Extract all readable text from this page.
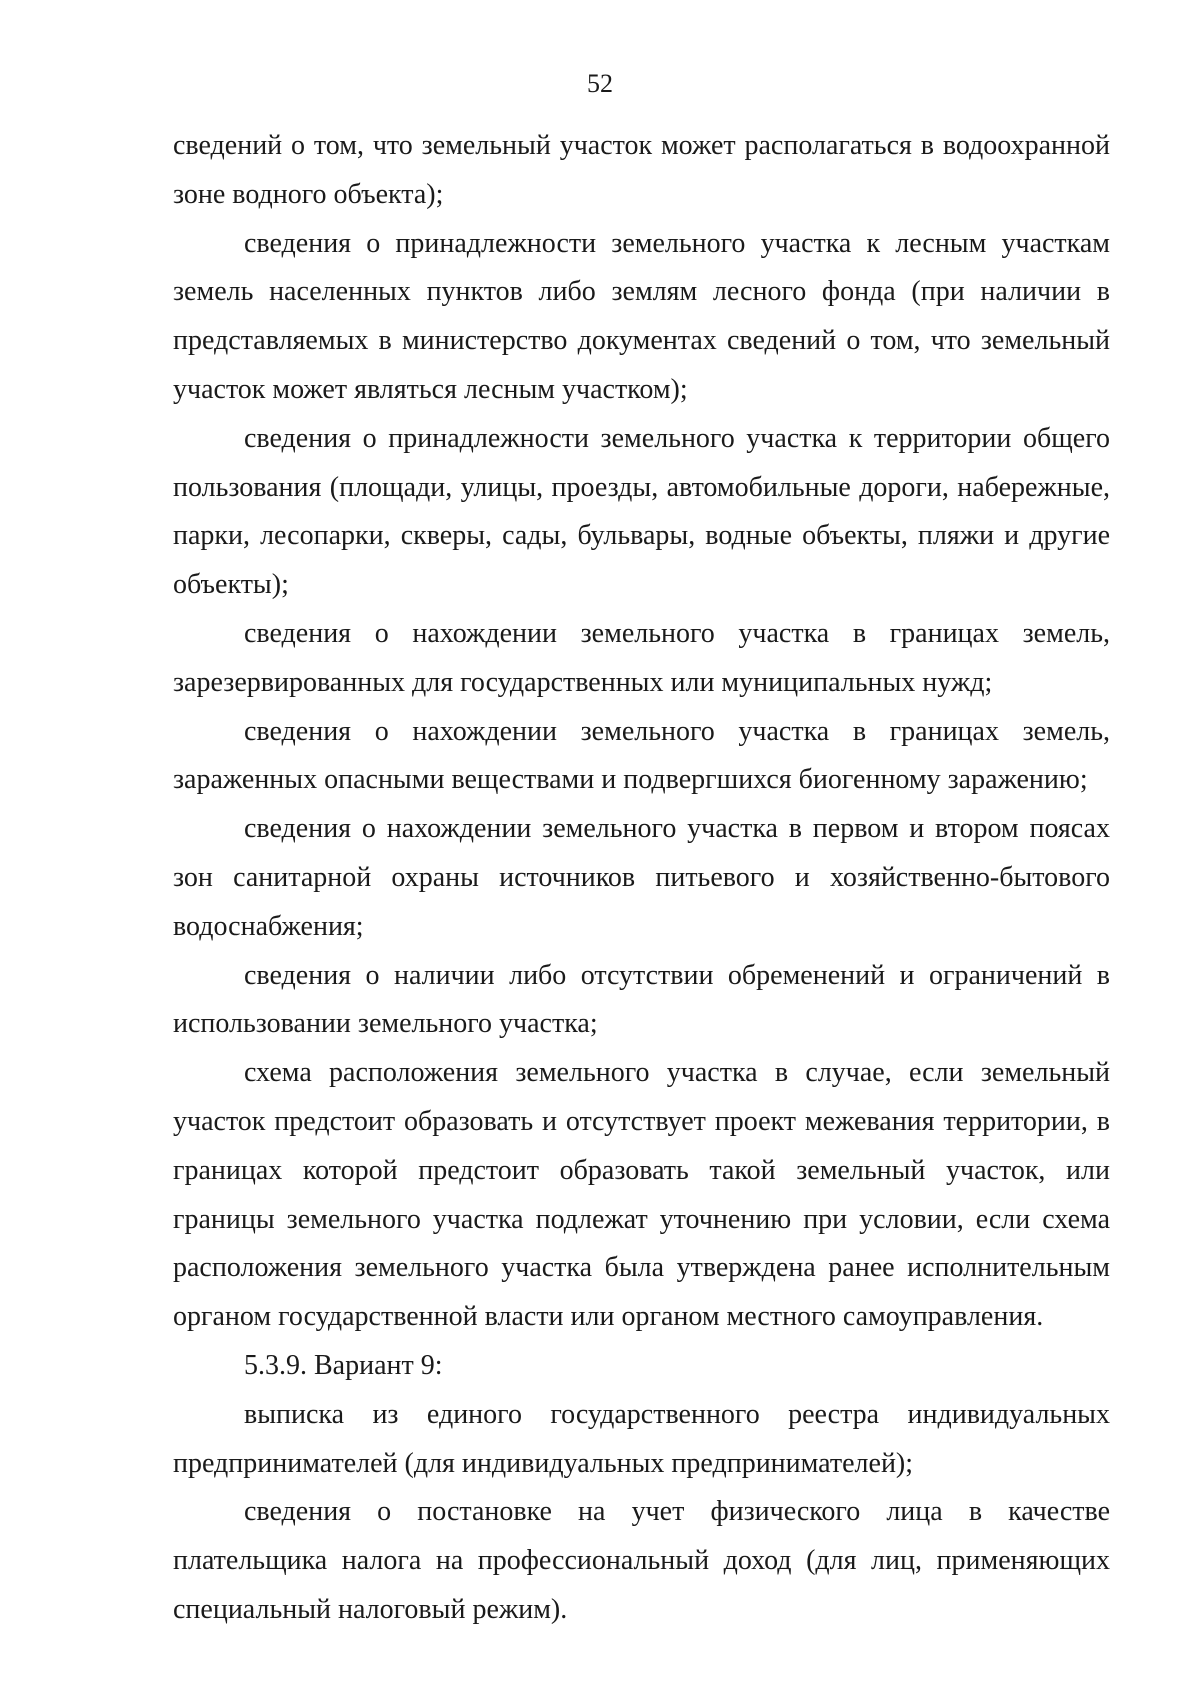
52

сведений о том, что земельный участок может располагаться в водоохранной зоне водного объекта);

сведения о принадлежности земельного участка к лесным участкам земель населенных пунктов либо землям лесного фонда (при наличии в представляемых в министерство документах сведений о том, что земельный участок может являться лесным участком);

сведения о принадлежности земельного участка к территории общего пользования (площади, улицы, проезды, автомобильные дороги, набережные, парки, лесопарки, скверы, сады, бульвары, водные объекты, пляжи и другие объекты);

сведения о нахождении земельного участка в границах земель, зарезервированных для государственных или муниципальных нужд;

сведения о нахождении земельного участка в границах земель, зараженных опасными веществами и подвергшихся биогенному заражению;

сведения о нахождении земельного участка в первом и втором поясах зон санитарной охраны источников питьевого и хозяйственно-бытового водоснабжения;

сведения о наличии либо отсутствии обременений и ограничений в использовании земельного участка;

схема расположения земельного участка в случае, если земельный участок предстоит образовать и отсутствует проект межевания территории, в границах которой предстоит образовать такой земельный участок, или границы земельного участка подлежат уточнению при условии, если схема расположения земельного участка была утверждена ранее исполнительным органом государственной власти или органом местного самоуправления.

5.3.9. Вариант 9:

выписка из единого государственного реестра индивидуальных предпринимателей (для индивидуальных предпринимателей);

сведения о постановке на учет физического лица в качестве плательщика налога на профессиональный доход (для лиц, применяющих специальный налоговый режим).
